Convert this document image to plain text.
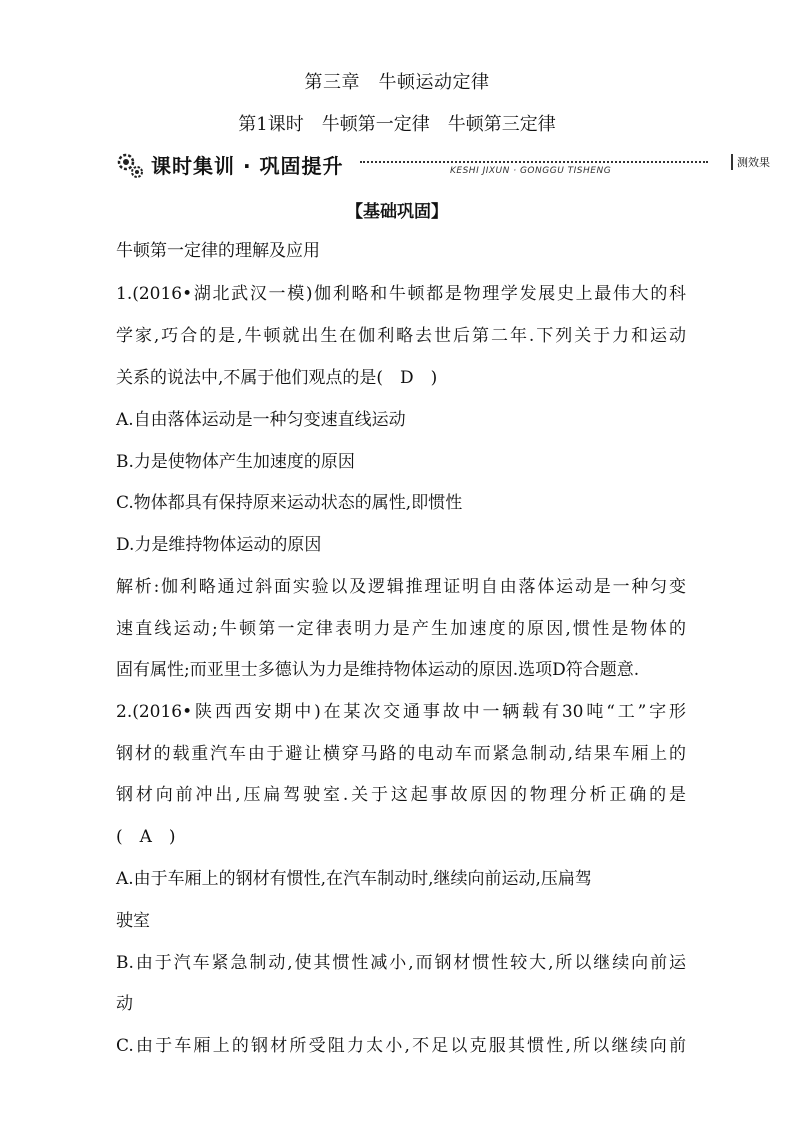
第三章　牛顿运动定律
第1课时　牛顿第一定律　牛顿第三定律
课时集训 · 巩固提升	KESHI JIXUN · GONGGU TISHENG
测效果
【基础巩固】
牛顿第一定律的理解及应用
1.(2016•湖北武汉一模)伽利略和牛顿都是物理学发展史上最伟大的科
学家,巧合的是,牛顿就出生在伽利略去世后第二年.下列关于力和运动
关系的说法中,不属于他们观点的是(　D　)
A.自由落体运动是一种匀变速直线运动
B.力是使物体产生加速度的原因
C.物体都具有保持原来运动状态的属性,即惯性
D.力是维持物体运动的原因
解析:伽利略通过斜面实验以及逻辑推理证明自由落体运动是一种匀变
速直线运动;牛顿第一定律表明力是产生加速度的原因,惯性是物体的
固有属性;而亚里士多德认为力是维持物体运动的原因.选项D符合题意.
2.(2016•陕西西安期中)在某次交通事故中一辆载有30吨“工”字形
钢材的载重汽车由于避让横穿马路的电动车而紧急制动,结果车厢上的
钢材向前冲出,压扁驾驶室.关于这起事故原因的物理分析正确的是
(　A　)
A.由于车厢上的钢材有惯性,在汽车制动时,继续向前运动,压扁驾
驶室
B.由于汽车紧急制动,使其惯性减小,而钢材惯性较大,所以继续向前运
动
C.由于车厢上的钢材所受阻力太小,不足以克服其惯性,所以继续向前
